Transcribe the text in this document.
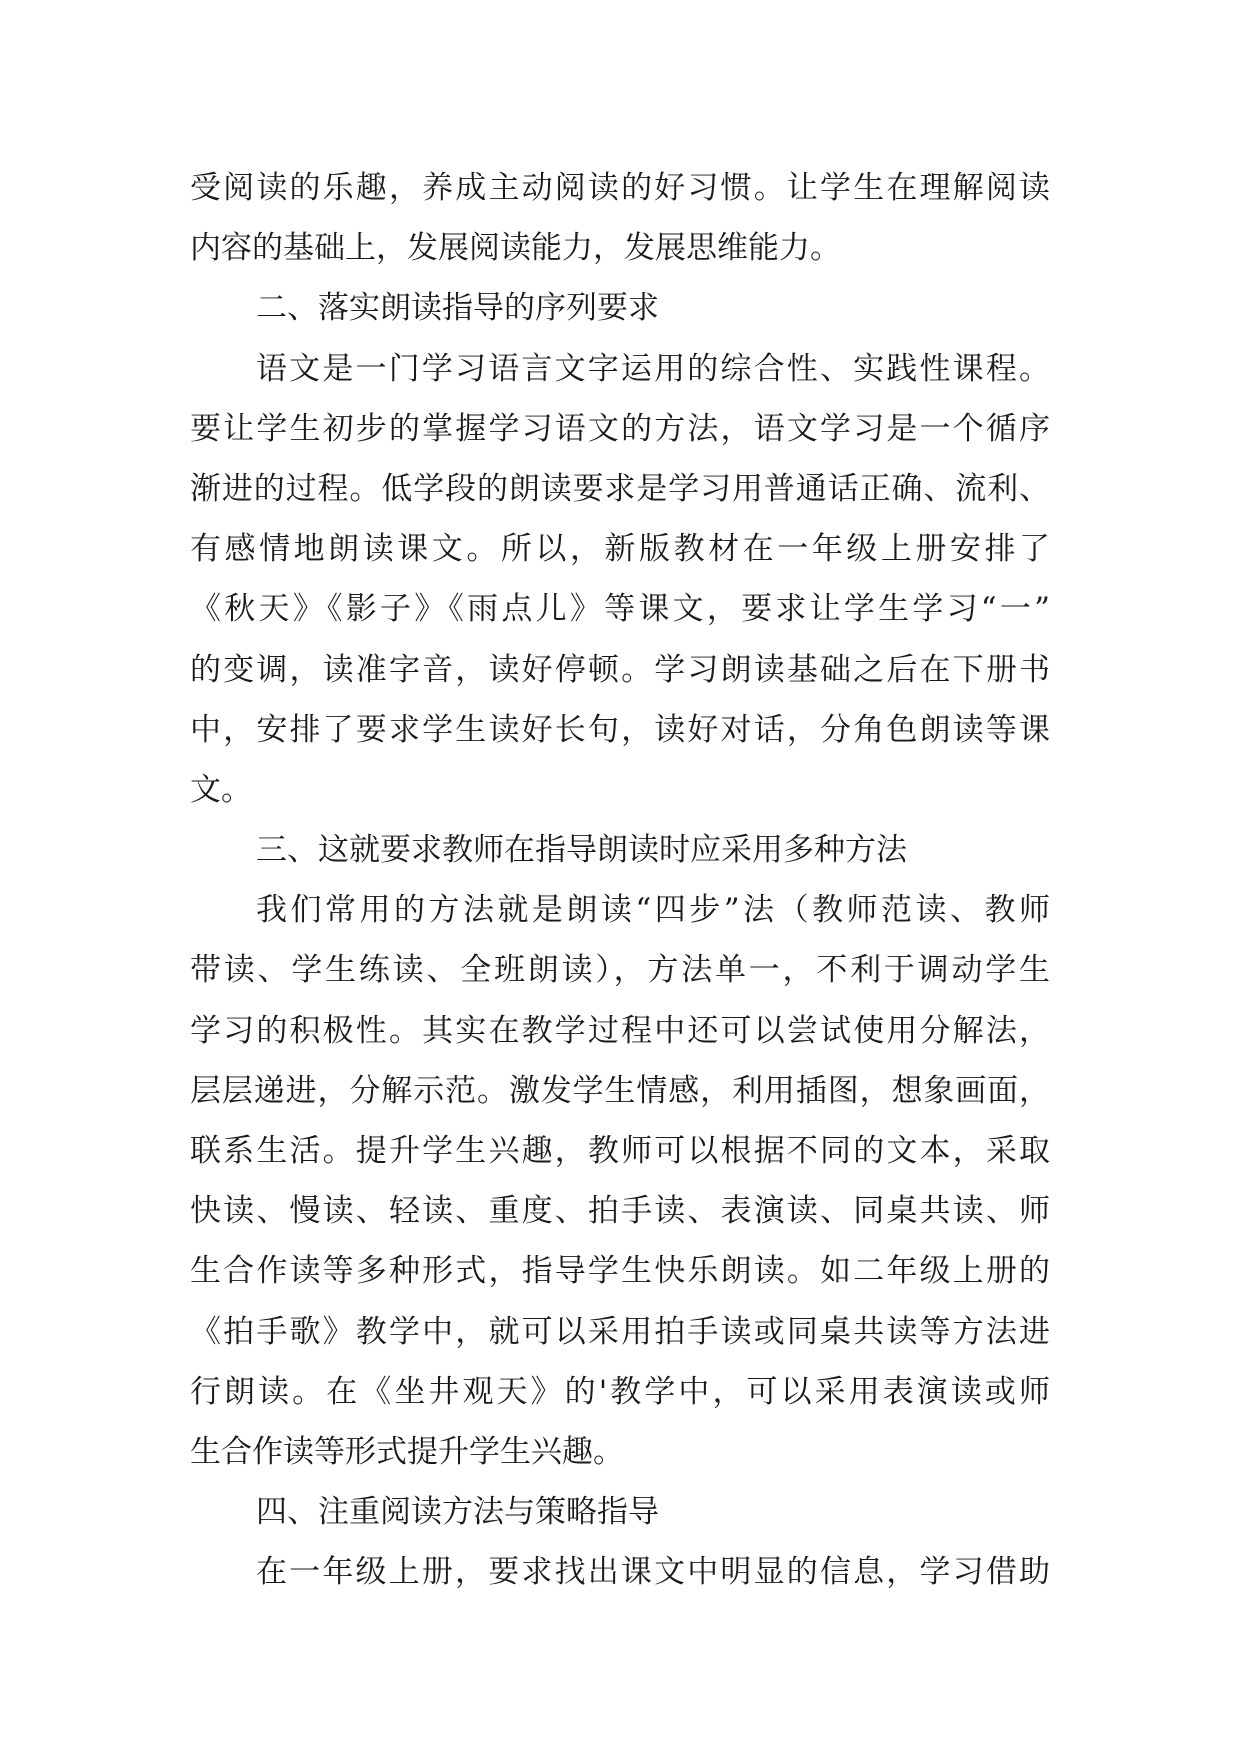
受阅读的乐趣，养成主动阅读的好习惯。让学生在理解阅读
内容的基础上，发展阅读能力，发展思维能力。
二、落实朗读指导的序列要求
语文是一门学习语言文字运用的综合性、实践性课程。
要让学生初步的掌握学习语文的方法，语文学习是一个循序
渐进的过程。低学段的朗读要求是学习用普通话正确、流利、
有感情地朗读课文。所以，新版教材在一年级上册安排了
《秋天》《影子》《雨点儿》等课文，要求让学生学习“一”
的变调，读准字音，读好停顿。学习朗读基础之后在下册书
中，安排了要求学生读好长句，读好对话，分角色朗读等课
文。
三、这就要求教师在指导朗读时应采用多种方法
我们常用的方法就是朗读“四步”法（教师范读、教师
带读、学生练读、全班朗读），方法单一，不利于调动学生
学习的积极性。其实在教学过程中还可以尝试使用分解法，
层层递进，分解示范。激发学生情感，利用插图，想象画面，
联系生活。提升学生兴趣，教师可以根据不同的文本，采取
快读、慢读、轻读、重度、拍手读、表演读、同桌共读、师
生合作读等多种形式，指导学生快乐朗读。如二年级上册的
《拍手歌》教学中，就可以采用拍手读或同桌共读等方法进
行朗读。在《坐井观天》的'教学中，可以采用表演读或师
生合作读等形式提升学生兴趣。
四、注重阅读方法与策略指导
在一年级上册，要求找出课文中明显的信息，学习借助
